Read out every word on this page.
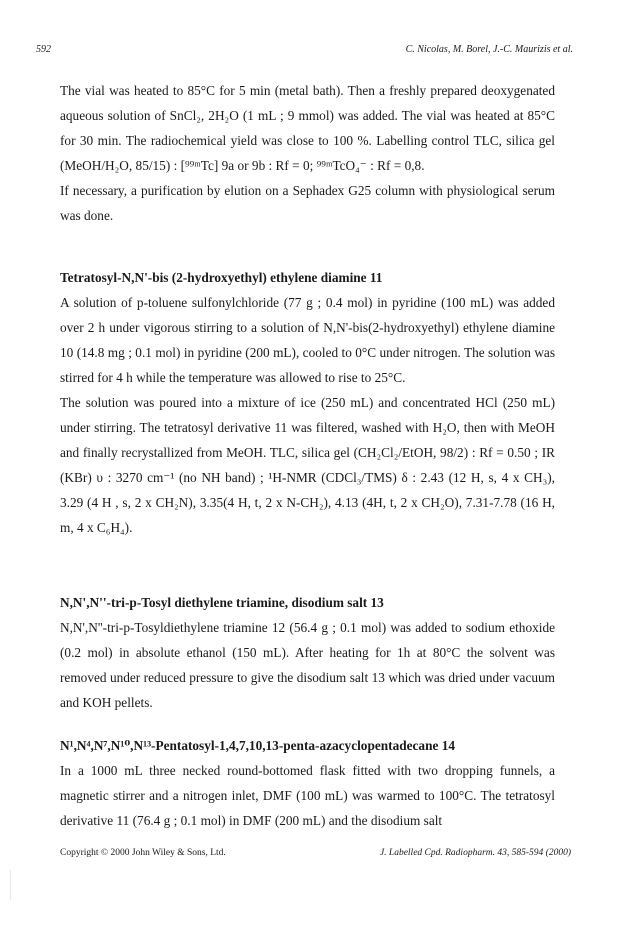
592	C. Nicolas, M. Borel, J.-C. Maurizis et al.

The vial was heated to 85°C for 5 min (metal bath). Then a freshly prepared deoxygenated aqueous solution of SnCl₂, 2H₂O (1 mL ; 9 mmol) was added. The vial was heated at 85°C for 30 min. The radiochemical yield was close to 100 %. Labelling control TLC, silica gel (MeOH/H₂O, 85/15) : [⁹⁹ᵐTc] 9a or 9b : Rf = 0; ⁹⁹ᵐTcO₄⁻ : Rf = 0,8.

If necessary, a purification by elution on a Sephadex G25 column with physiological serum was done.

Tetratosyl-N,N'-bis (2-hydroxyethyl) ethylene diamine 11

A solution of p-toluene sulfonylchloride (77 g ; 0.4 mol) in pyridine (100 mL) was added over 2 h under vigorous stirring to a solution of N,N'-bis(2-hydroxyethyl) ethylene diamine 10 (14.8 mg ; 0.1 mol) in pyridine (200 mL), cooled to 0°C under nitrogen. The solution was stirred for 4 h while the temperature was allowed to rise to 25°C.

The solution was poured into a mixture of ice (250 mL) and concentrated HCl (250 mL) under stirring. The tetratosyl derivative 11 was filtered, washed with H₂O, then with MeOH and finally recrystallized from MeOH. TLC, silica gel (CH₂Cl₂/EtOH, 98/2) : Rf = 0.50 ; IR (KBr) υ : 3270 cm⁻¹ (no NH band) ; ¹H-NMR (CDCl₃/TMS) δ : 2.43 (12 H, s, 4 x CH₃), 3.29 (4 H , s, 2 x CH₂N), 3.35(4 H, t, 2 x N-CH₂), 4.13 (4H, t, 2 x CH₂O), 7.31-7.78 (16 H, m, 4 x C₆H₄).

N,N',N''-tri-p-Tosyl diethylene triamine, disodium salt 13

N,N',N''-tri-p-Tosyldiethylene triamine 12 (56.4 g ; 0.1 mol) was added to sodium ethoxide (0.2 mol) in absolute ethanol (150 mL). After heating for 1h at 80°C the solvent was removed under reduced pressure to give the disodium salt 13 which was dried under vacuum and KOH pellets.

N¹,N⁴,N⁷,N¹⁰,N¹³-Pentatosyl-1,4,7,10,13-penta-azacyclopentadecane 14

In a 1000 mL three necked round-bottomed flask fitted with two dropping funnels, a magnetic stirrer and a nitrogen inlet, DMF (100 mL) was warmed to 100°C. The tetratosyl derivative 11 (76.4 g ; 0.1 mol) in DMF (200 mL) and the disodium salt

Copyright © 2000 John Wiley & Sons, Ltd.	J. Labelled Cpd. Radiopharm. 43, 585-594 (2000)
